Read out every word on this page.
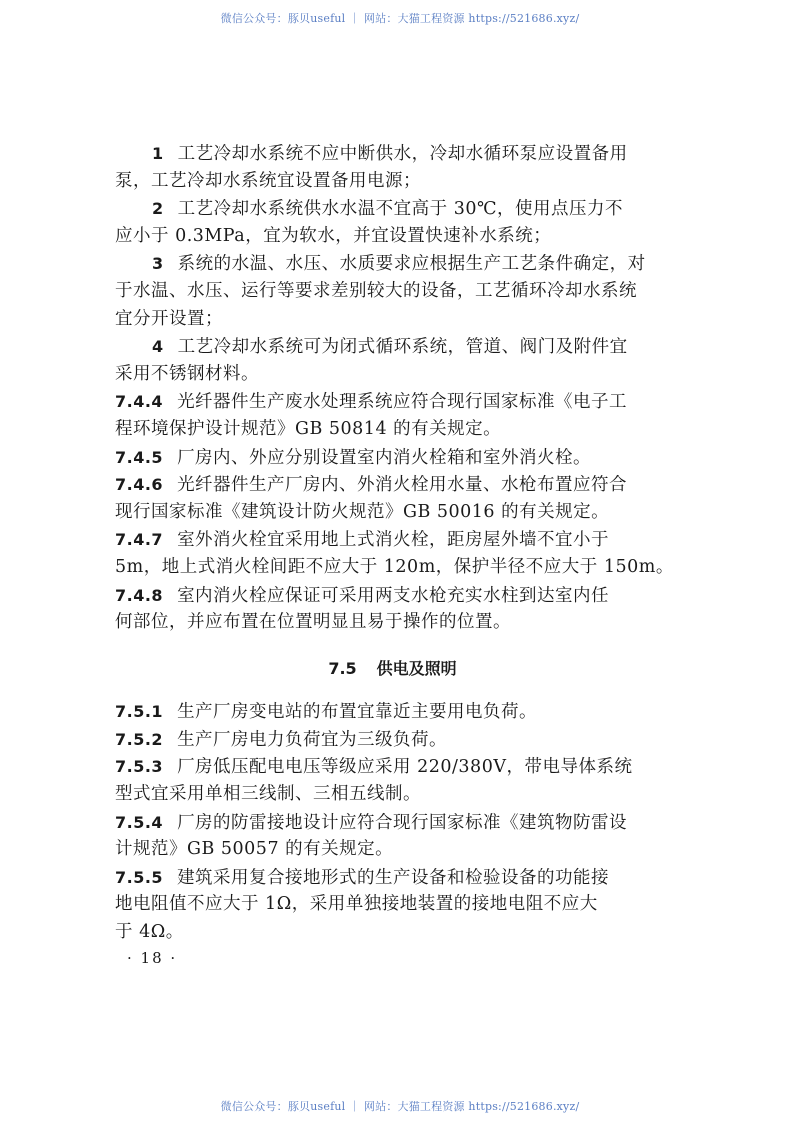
微信公众号：豚贝useful ｜ 网站：大猫工程资源 https://521686.xyz/
1 工艺冷却水系统不应中断供水，冷却水循环泵应设置备用
泵，工艺冷却水系统宜设置备用电源；
2 工艺冷却水系统供水水温不宜高于 30℃，使用点压力不
应小于 0.3MPa，宜为软水，并宜设置快速补水系统；
3 系统的水温、水压、水质要求应根据生产工艺条件确定，对
于水温、水压、运行等要求差别较大的设备，工艺循环冷却水系统
宜分开设置；
4 工艺冷却水系统可为闭式循环系统，管道、阀门及附件宜
采用不锈钢材料。
7.4.4 光纤器件生产废水处理系统应符合现行国家标准《电子工
程环境保护设计规范》GB 50814 的有关规定。
7.4.5 厂房内、外应分别设置室内消火栓箱和室外消火栓。
7.4.6 光纤器件生产厂房内、外消火栓用水量、水枪布置应符合
现行国家标准《建筑设计防火规范》GB 50016 的有关规定。
7.4.7 室外消火栓宜采用地上式消火栓，距房屋外墙不宜小于
5m，地上式消火栓间距不应大于 120m，保护半径不应大于 150m。
7.4.8 室内消火栓应保证可采用两支水枪充实水柱到达室内任
何部位，并应布置在位置明显且易于操作的位置。
7.5 供电及照明
7.5.1 生产厂房变电站的布置宜靠近主要用电负荷。
7.5.2 生产厂房电力负荷宜为三级负荷。
7.5.3 厂房低压配电电压等级应采用 220/380V，带电导体系统
型式宜采用单相三线制、三相五线制。
7.5.4 厂房的防雷接地设计应符合现行国家标准《建筑物防雷设
计规范》GB 50057 的有关规定。
7.5.5 建筑采用复合接地形式的生产设备和检验设备的功能接
地电阻值不应大于 1Ω，采用单独接地装置的接地电阻不应大
于 4Ω。
· 18 ·
微信公众号：豚贝useful ｜ 网站：大猫工程资源 https://521686.xyz/
